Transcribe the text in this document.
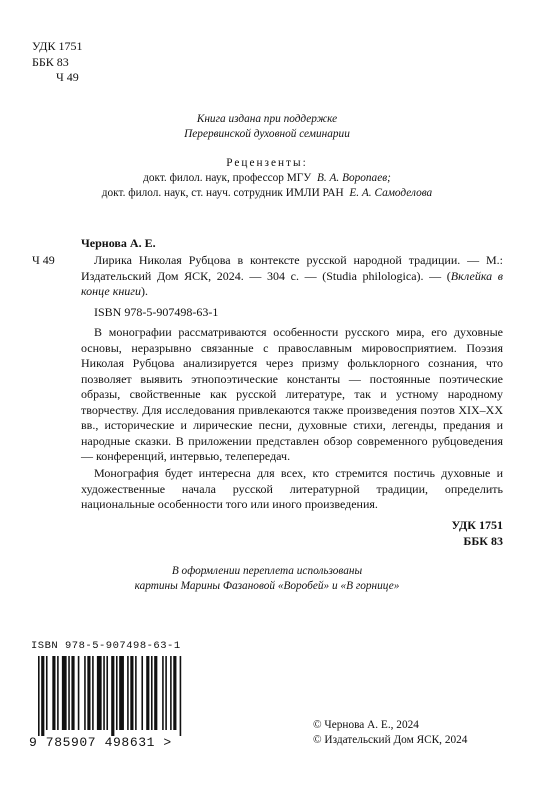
УДК 1751
ББК 83
Ч 49
Книга издана при поддержке
Перервинской духовной семинарии
Рецензенты:
докт. филол. наук, профессор МГУ В. А. Воропаев;
докт. филол. наук, ст. науч. сотрудник ИМЛИ РАН Е. А. Самоделова
Чернова А. Е.
Ч 49	Лирика Николая Рубцова в контексте русской народной традиции. — М.: Издательский Дом ЯСК, 2024. — 304 с. — (Studia philologica). — (Вклейка в конце книги).
ISBN 978-5-907498-63-1
В монографии рассматриваются особенности русского мира, его духовные основы, неразрывно связанные с православным мировосприятием. Поэзия Николая Рубцова анализируется через призму фольклорного сознания, что позволяет выявить этнопоэтические константы — постоянные поэтические образы, свойственные как русской литературе, так и устному народному творчеству. Для исследования привлекаются также произведения поэтов XIX–XX вв., исторические и лирические песни, духовные стихи, легенды, предания и народные сказки. В приложении представлен обзор современного рубцоведения — конференций, интервью, телепередач.
Монография будет интересна для всех, кто стремится постичь духовные и художественные начала русской литературной традиции, определить национальные особенности того или иного произведения.
УДК 1751
ББК 83
В оформлении переплета использованы
картины Марины Фазановой «Воробей» и «В горнице»
ISBN 978-5-907498-63-1
9 785907 498631 >
© Чернова А. Е., 2024
© Издательский Дом ЯСК, 2024
